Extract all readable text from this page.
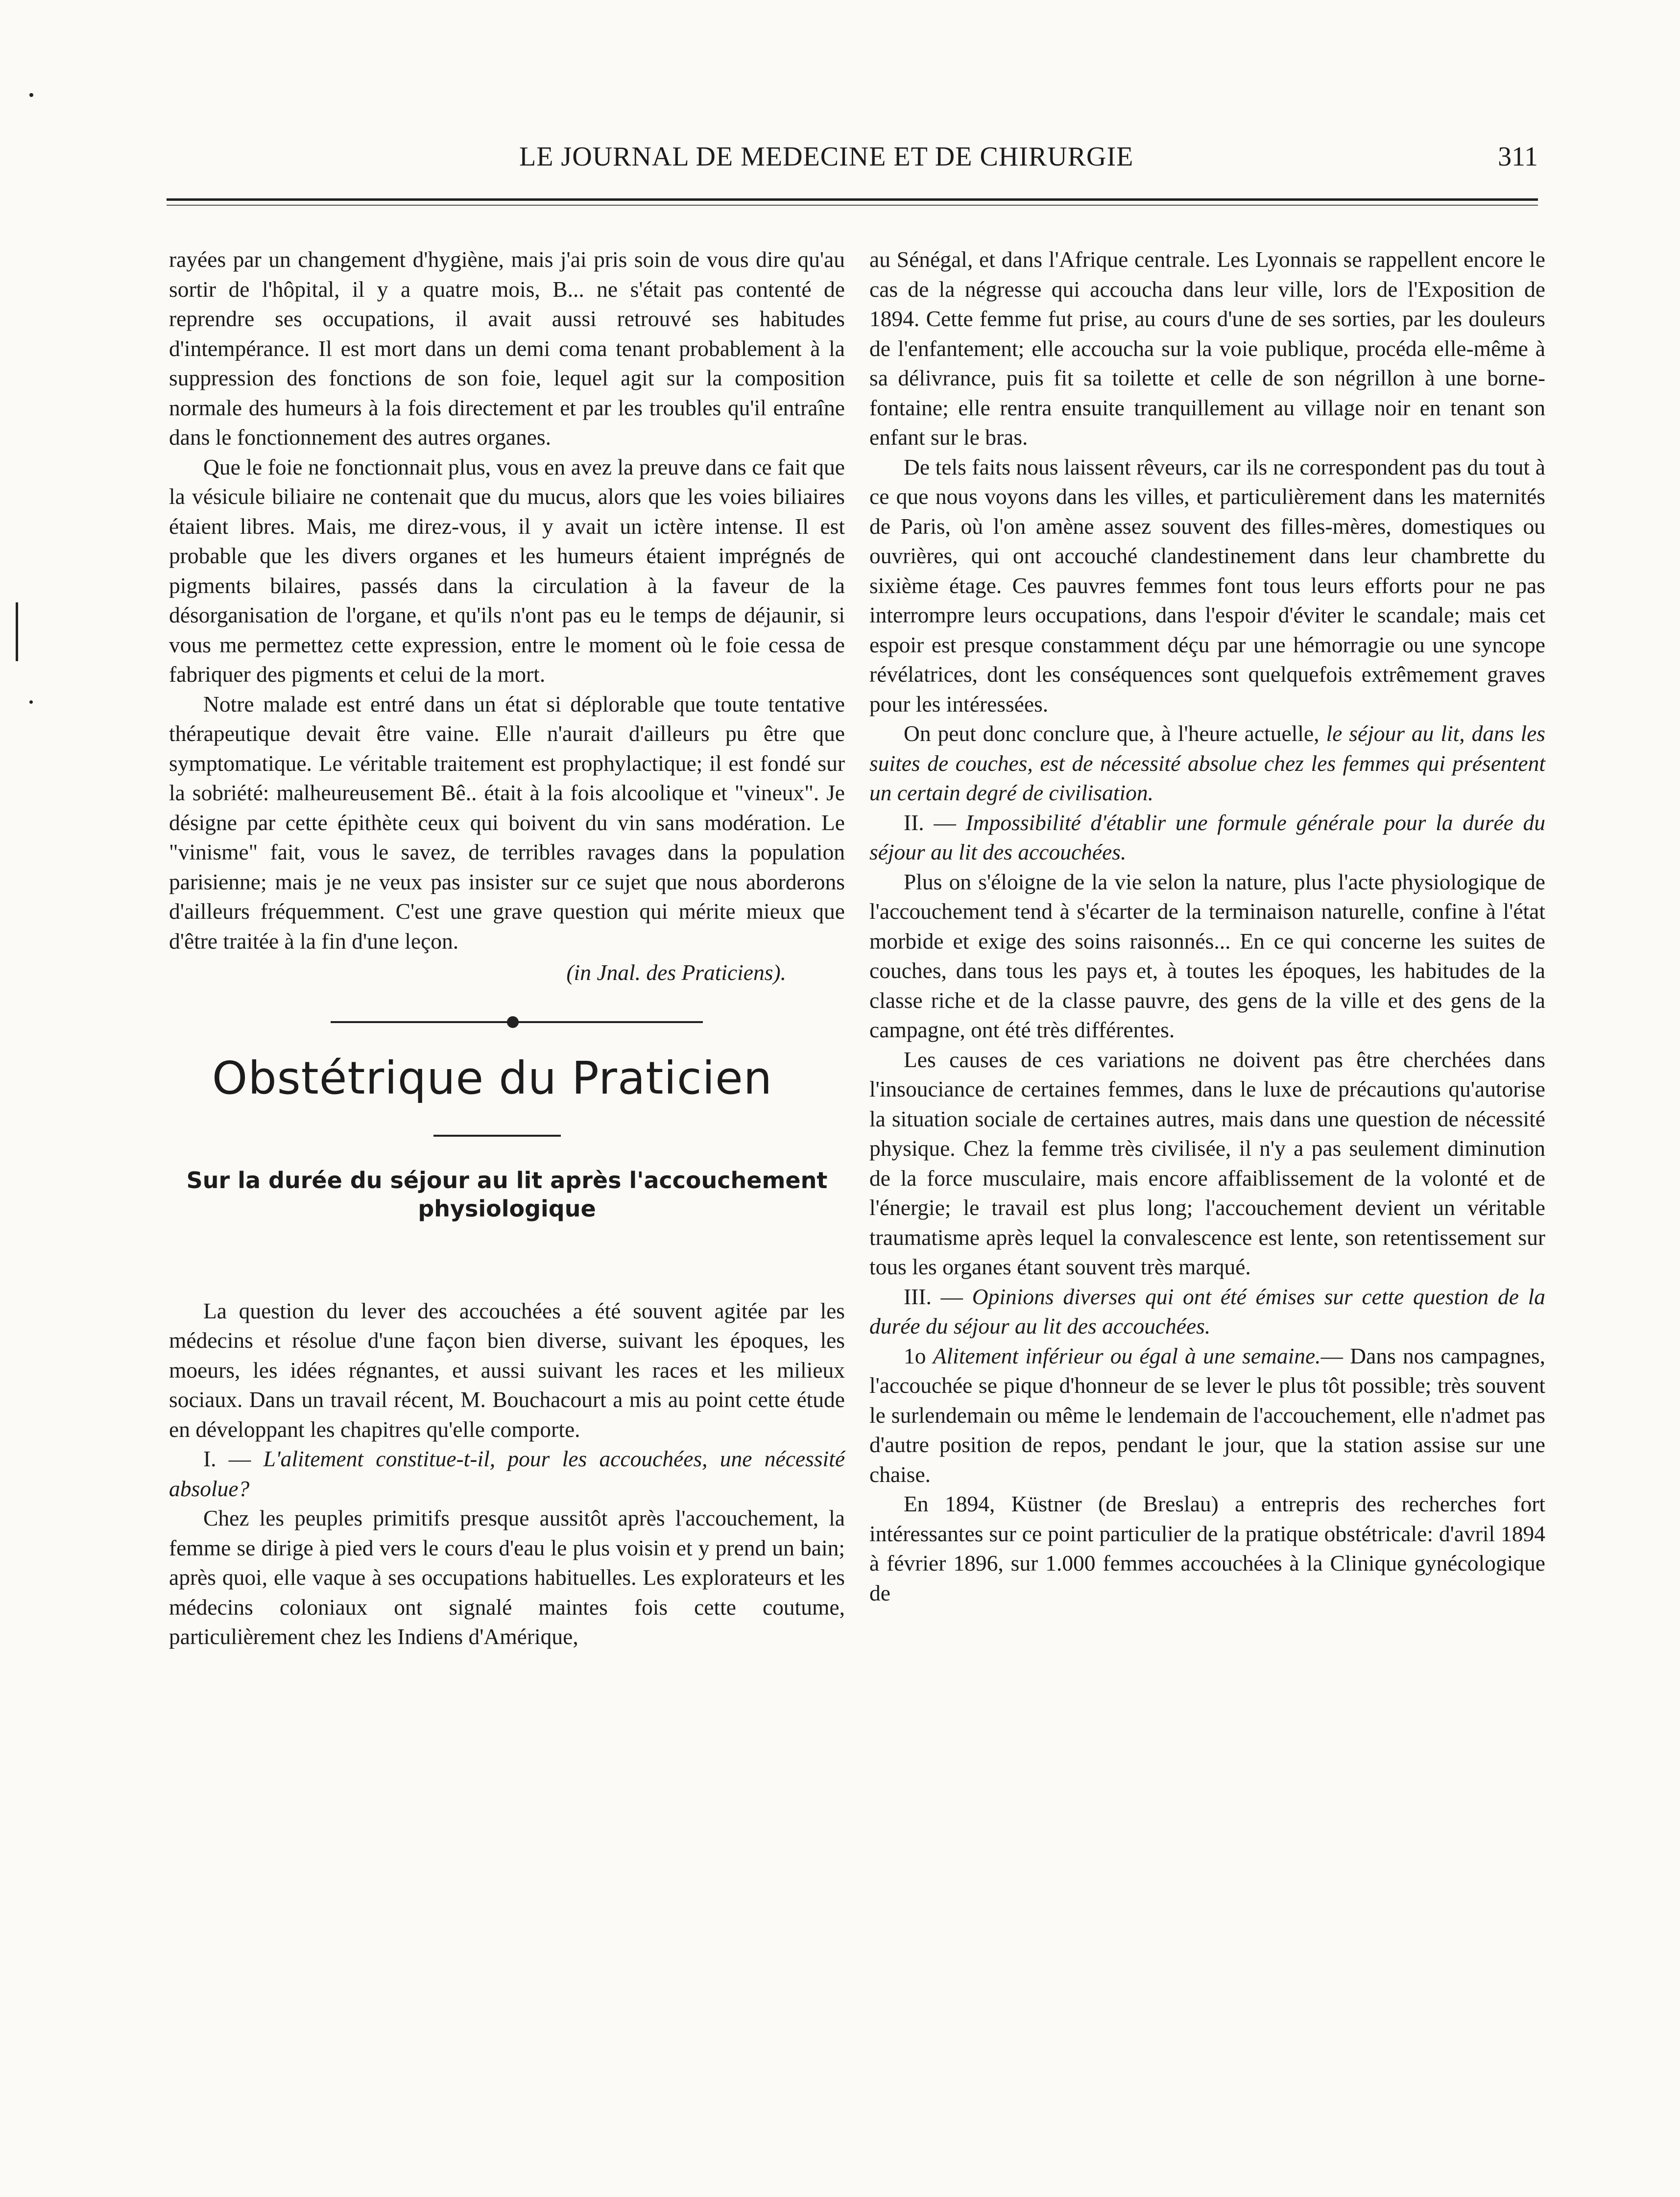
LE JOURNAL DE MEDECINE ET DE CHIRURGIE	311

rayées par un changement d'hygiène, mais j'ai pris soin de vous dire qu'au sortir de l'hôpital, il y a quatre mois, B... ne s'était pas contenté de reprendre ses occupations, il avait aussi retrouvé ses habitudes d'intempérance. Il est mort dans un demi coma tenant probablement à la suppression des fonctions de son foie, lequel agit sur la composition normale des humeurs à la fois directement et par les troubles qu'il entraîne dans le fonctionnement des autres organes.

Que le foie ne fonctionnait plus, vous en avez la preuve dans ce fait que la vésicule biliaire ne contenait que du mucus, alors que les voies biliaires étaient libres. Mais, me direz-vous, il y avait un ictère intense. Il est probable que les divers organes et les humeurs étaient imprégnés de pigments bilaires, passés dans la circulation à la faveur de la désorganisation de l'organe, et qu'ils n'ont pas eu le temps de déjaunir, si vous me permettez cette expression, entre le moment où le foie cessa de fabriquer des pigments et celui de la mort.

Notre malade est entré dans un état si déplorable que toute tentative thérapeutique devait être vaine. Elle n'aurait d'ailleurs pu être que symptomatique. Le véritable traitement est prophylactique; il est fondé sur la sobriété: malheureusement Bê.. était à la fois alcoolique et "vineux". Je désigne par cette épithète ceux qui boivent du vin sans modération. Le "vinisme" fait, vous le savez, de terribles ravages dans la population parisienne; mais je ne veux pas insister sur ce sujet que nous aborderons d'ailleurs fréquemment. C'est une grave question qui mérite mieux que d'être traitée à la fin d'une leçon.

(in Jnal. des Praticiens).

Obstétrique du Praticien

Sur la durée du séjour au lit après l'accouchement physiologique

La question du lever des accouchées a été souvent agitée par les médecins et résolue d'une façon bien diverse, suivant les époques, les moeurs, les idées régnantes, et aussi suivant les races et les milieux sociaux. Dans un travail récent, M. Bouchacourt a mis au point cette étude en développant les chapitres qu'elle comporte.

I. — L'alitement constitue-t-il, pour les accouchées, une nécessité absolue?

Chez les peuples primitifs presque aussitôt après l'accouchement, la femme se dirige à pied vers le cours d'eau le plus voisin et y prend un bain; après quoi, elle vaque à ses occupations habituelles. Les explorateurs et les médecins coloniaux ont signalé maintes fois cette coutume, particulièrement chez les Indiens d'Amérique,

au Sénégal, et dans l'Afrique centrale. Les Lyonnais se rappellent encore le cas de la négresse qui accoucha dans leur ville, lors de l'Exposition de 1894. Cette femme fut prise, au cours d'une de ses sorties, par les douleurs de l'enfantement; elle accoucha sur la voie publique, procéda elle-même à sa délivrance, puis fit sa toilette et celle de son négrillon à une borne-fontaine; elle rentra ensuite tranquillement au village noir en tenant son enfant sur le bras.

De tels faits nous laissent rêveurs, car ils ne correspondent pas du tout à ce que nous voyons dans les villes, et particulièrement dans les maternités de Paris, où l'on amène assez souvent des filles-mères, domestiques ou ouvrières, qui ont accouché clandestinement dans leur chambrette du sixième étage. Ces pauvres femmes font tous leurs efforts pour ne pas interrompre leurs occupations, dans l'espoir d'éviter le scandale; mais cet espoir est presque constamment déçu par une hémorragie ou une syncope révélatrices, dont les conséquences sont quelquefois extrêmement graves pour les intéressées.

On peut donc conclure que, à l'heure actuelle, le séjour au lit, dans les suites de couches, est de nécessité absolue chez les femmes qui présentent un certain degré de civilisation.

II. — Impossibilité d'établir une formule générale pour la durée du séjour au lit des accouchées.

Plus on s'éloigne de la vie selon la nature, plus l'acte physiologique de l'accouchement tend à s'écarter de la terminaison naturelle, confine à l'état morbide et exige des soins raisonnés... En ce qui concerne les suites de couches, dans tous les pays et, à toutes les époques, les habitudes de la classe riche et de la classe pauvre, des gens de la ville et des gens de la campagne, ont été très différentes.

Les causes de ces variations ne doivent pas être cherchées dans l'insouciance de certaines femmes, dans le luxe de précautions qu'autorise la situation sociale de certaines autres, mais dans une question de nécessité physique. Chez la femme très civilisée, il n'y a pas seulement diminution de la force musculaire, mais encore affaiblissement de la volonté et de l'énergie; le travail est plus long; l'accouchement devient un véritable traumatisme après lequel la convalescence est lente, son retentissement sur tous les organes étant souvent très marqué.

III. — Opinions diverses qui ont été émises sur cette question de la durée du séjour au lit des accouchées.

1o Alitement inférieur ou égal à une semaine.— Dans nos campagnes, l'accouchée se pique d'honneur de se lever le plus tôt possible; très souvent le surlendemain ou même le lendemain de l'accouchement, elle n'admet pas d'autre position de repos, pendant le jour, que la station assise sur une chaise.

En 1894, Küstner (de Breslau) a entrepris des recherches fort intéressantes sur ce point particulier de la pratique obstétricale: d'avril 1894 à février 1896, sur 1.000 femmes accouchées à la Clinique gynécologique de
